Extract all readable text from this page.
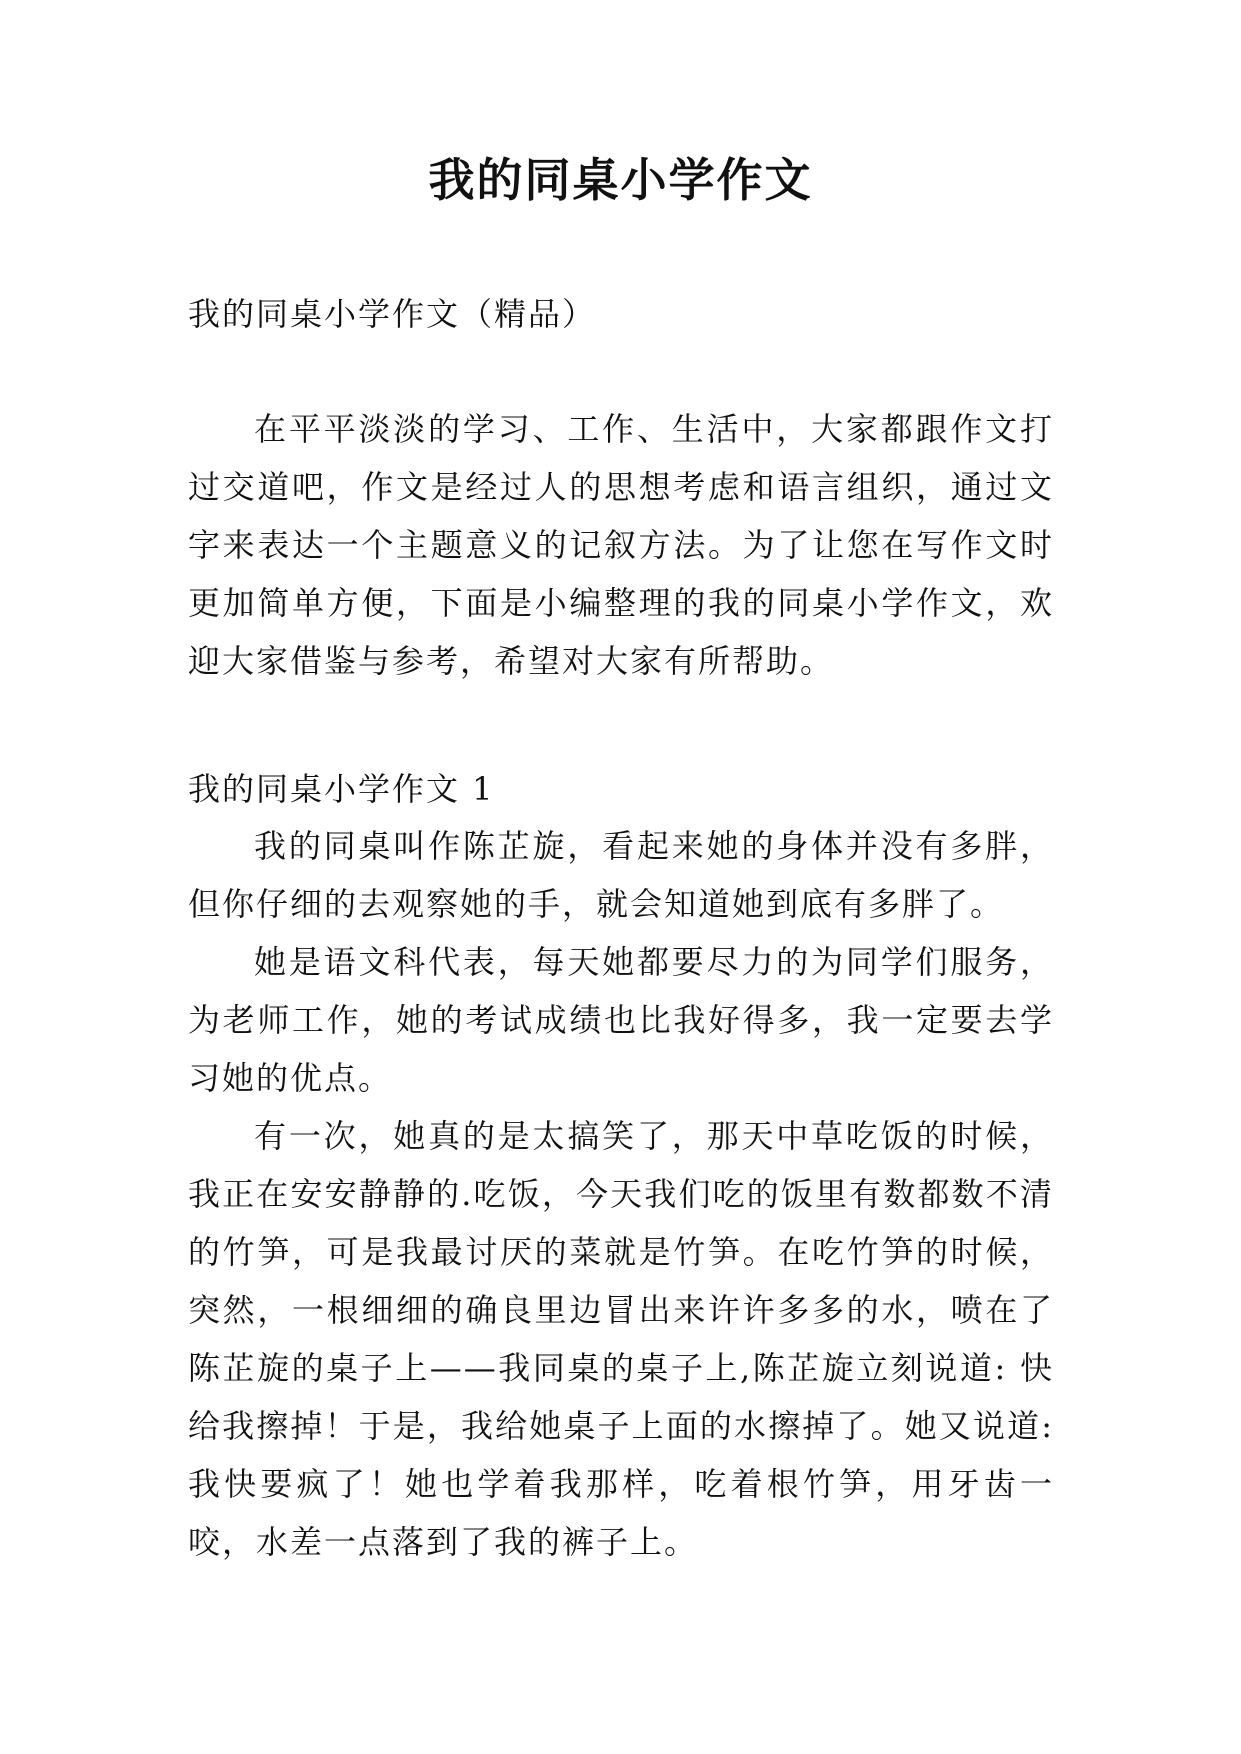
我的同桌小学作文

我的同桌小学作文（精品）

在平平淡淡的学习、工作、生活中，大家都跟作文打过交道吧，作文是经过人的思想考虑和语言组织，通过文字来表达一个主题意义的记叙方法。为了让您在写作文时更加简单方便，下面是小编整理的我的同桌小学作文，欢迎大家借鉴与参考，希望对大家有所帮助。

我的同桌小学作文 1

我的同桌叫作陈芷旋，看起来她的身体并没有多胖，但你仔细的去观察她的手，就会知道她到底有多胖了。

她是语文科代表，每天她都要尽力的为同学们服务，为老师工作，她的考试成绩也比我好得多，我一定要去学习她的优点。

有一次，她真的是太搞笑了，那天中草吃饭的时候，我正在安安静静的.吃饭，今天我们吃的饭里有数都数不清的竹笋，可是我最讨厌的菜就是竹笋。在吃竹笋的时候，突然，一根细细的确良里边冒出来许许多多的水，喷在了陈芷旋的桌子上——我同桌的桌子上,陈芷旋立刻说道: 快给我擦掉！于是，我给她桌子上面的水擦掉了。她又说道: 我快要疯了！她也学着我那样，吃着根竹笋，用牙齿一咬，水差一点落到了我的裤子上。
